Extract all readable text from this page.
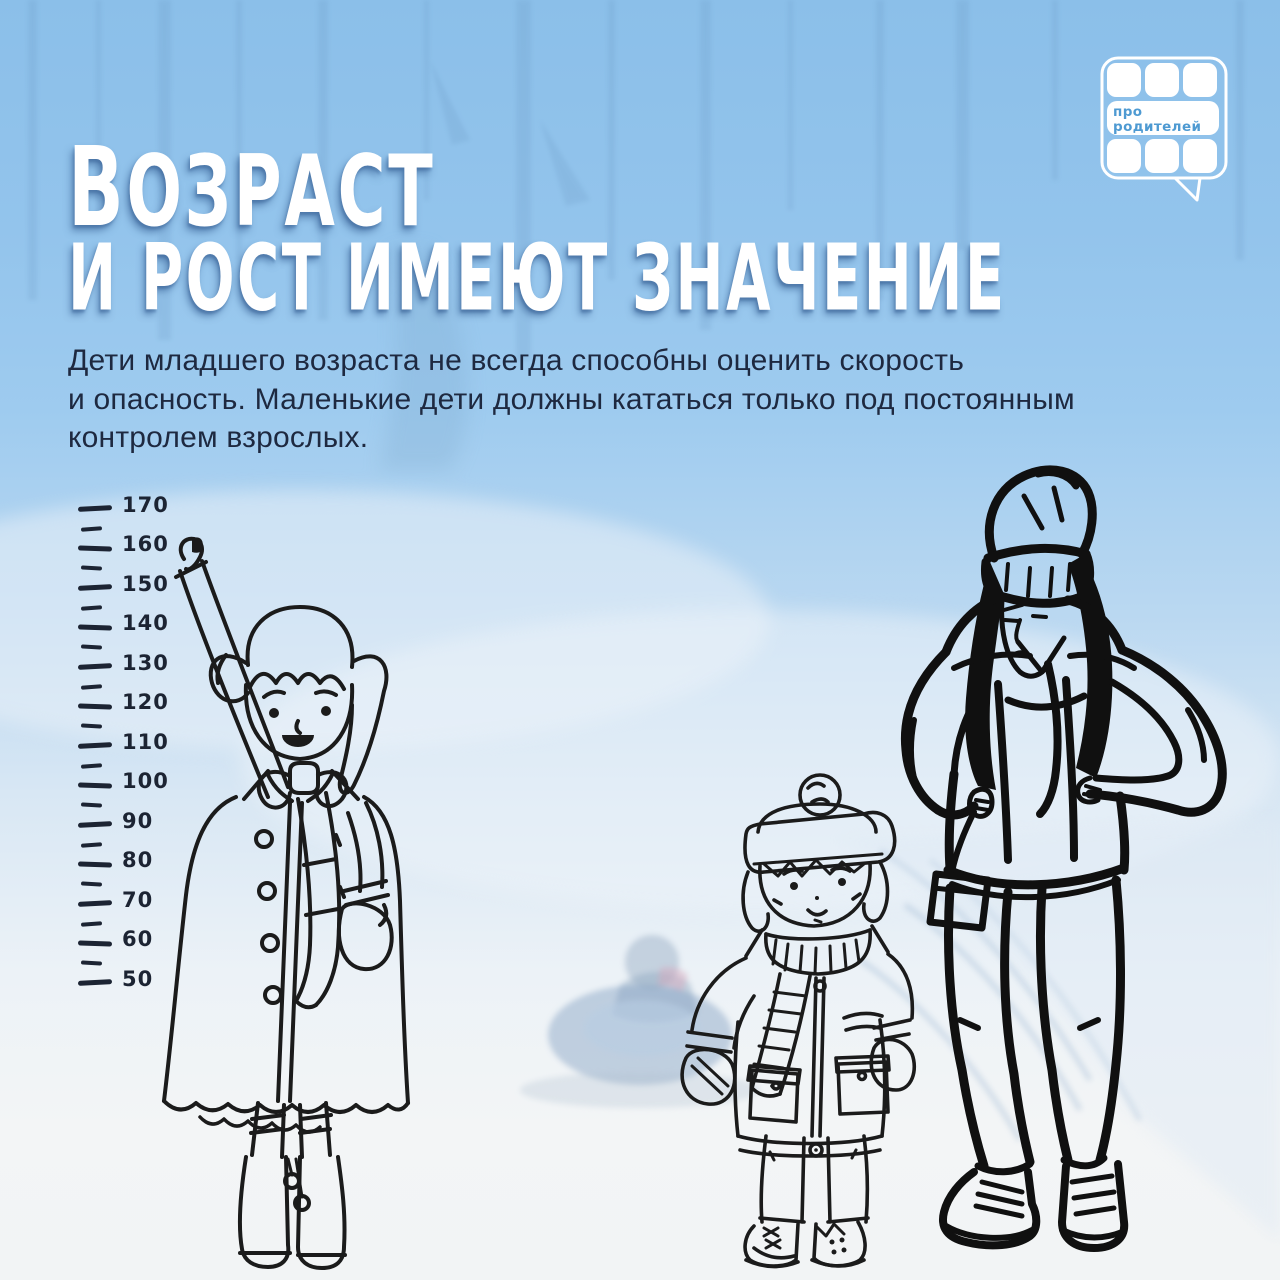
про
родителей
ВОЗРАСТ
И РОСТ ИМЕЮТ ЗНАЧЕНИЕ
Дети младшего возраста не всегда способны оценить скорость
и опасность. Маленькие дети должны кататься только под постоянным
контролем взрослых.
170
160
150
140
130
120
110
100
90
80
70
60
50
